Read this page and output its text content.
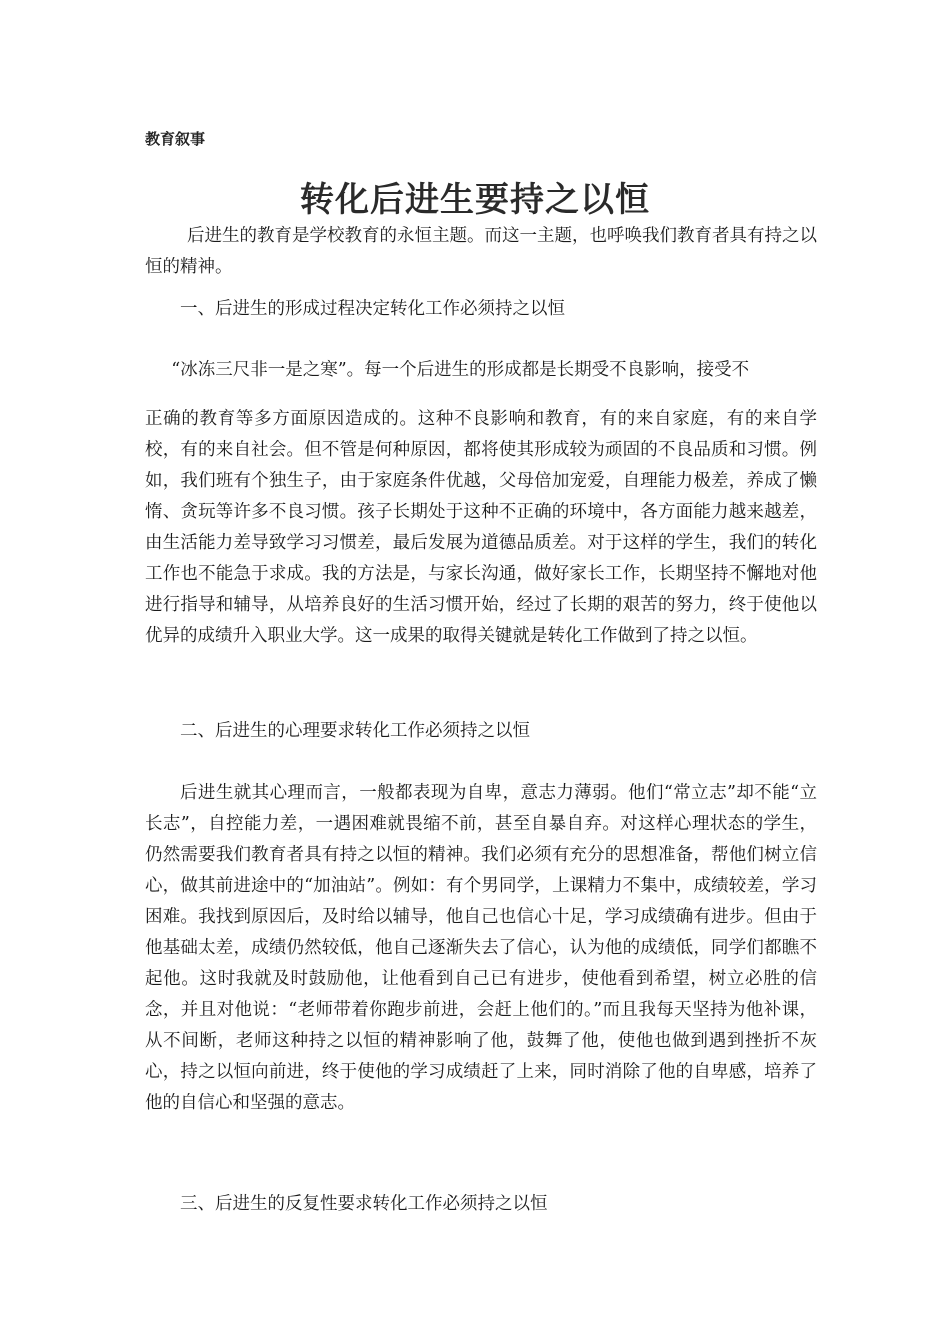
教育叙事
转化后进生要持之以恒

后进生的教育是学校教育的永恒主题。而这一主题，也呼唤我们教育者具有持之以恒的精神。

一、后进生的形成过程决定转化工作必须持之以恒

“冰冻三尺非一是之寒”。每一个后进生的形成都是长期受不良影响，接受不

正确的教育等多方面原因造成的。这种不良影响和教育，有的来自家庭，有的来自学校，有的来自社会。但不管是何种原因，都将使其形成较为顽固的不良品质和习惯。例如，我们班有个独生子，由于家庭条件优越，父母倍加宠爱，自理能力极差，养成了懒惰、贪玩等许多不良习惯。孩子长期处于这种不正确的环境中，各方面能力越来越差，由生活能力差导致学习习惯差，最后发展为道德品质差。对于这样的学生，我们的转化工作也不能急于求成。我的方法是，与家长沟通，做好家长工作，长期坚持不懈地对他进行指导和辅导，从培养良好的生活习惯开始，经过了长期的艰苦的努力，终于使他以优异的成绩升入职业大学。这一成果的取得关键就是转化工作做到了持之以恒。

二、后进生的心理要求转化工作必须持之以恒

后进生就其心理而言，一般都表现为自卑，意志力薄弱。他们“常立志”却不能“立长志”，自控能力差，一遇困难就畏缩不前，甚至自暴自弃。对这样心理状态的学生，仍然需要我们教育者具有持之以恒的精神。我们必须有充分的思想准备，帮他们树立信心，做其前进途中的“加油站”。例如：有个男同学，上课精力不集中，成绩较差，学习困难。我找到原因后，及时给以辅导，他自己也信心十足，学习成绩确有进步。但由于他基础太差，成绩仍然较低，他自己逐渐失去了信心，认为他的成绩低，同学们都瞧不起他。这时我就及时鼓励他，让他看到自己已有进步，使他看到希望，树立必胜的信念，并且对他说：“老师带着你跑步前进，会赶上他们的。”而且我每天坚持为他补课，从不间断，老师这种持之以恒的精神影响了他，鼓舞了他，使他也做到遇到挫折不灰心，持之以恒向前进，终于使他的学习成绩赶了上来，同时消除了他的自卑感，培养了他的自信心和坚强的意志。

三、后进生的反复性要求转化工作必须持之以恒
